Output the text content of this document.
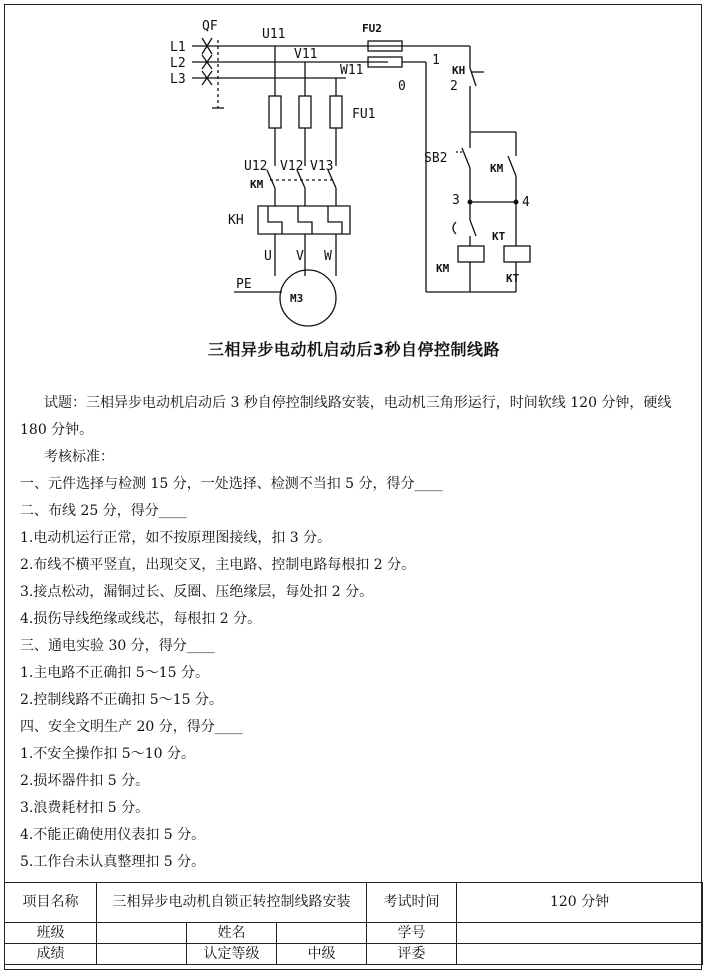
QF
L1
L2
L3
U11
V11
W11
FU2
FU1
1
0
KH
2
SB2
KM
3	4
U12 V12 V13
KM
KH
U V W
PE
M3
KT
KM
KT
三相异步电动机启动后3秒自停控制线路

试题：三相异步电动机启动后 3 秒自停控制线路安装，电动机三角形运行，时间软线 120 分钟，硬线 180 分钟。

考核标准：

一、元件选择与检测 15 分，一处选择、检测不当扣 5 分，得分____

二、布线 25 分，得分____

1.电动机运行正常，如不按原理图接线，扣 3 分。

2.布线不横平竖直，出现交叉，主电路、控制电路每根扣 2 分。

3.接点松动，漏铜过长、反圈、压绝缘层，每处扣 2 分。

4.损伤导线绝缘或线芯，每根扣 2 分。

三、通电实验 30 分，得分____

1.主电路不正确扣 5～15 分。

2.控制线路不正确扣 5～15 分。

四、安全文明生产 20 分，得分____

1.不安全操作扣 5～10 分。

2.损坏器件扣 5 分。

3.浪费耗材扣 5 分。

4.不能正确使用仪表扣 5 分。

5.工作台未认真整理扣 5 分。

项目名称	三相异步电动机自锁正转控制线路安装			考试时间	120 分钟
班级		姓名		学号	
成绩		认定等级	中级	评委	
